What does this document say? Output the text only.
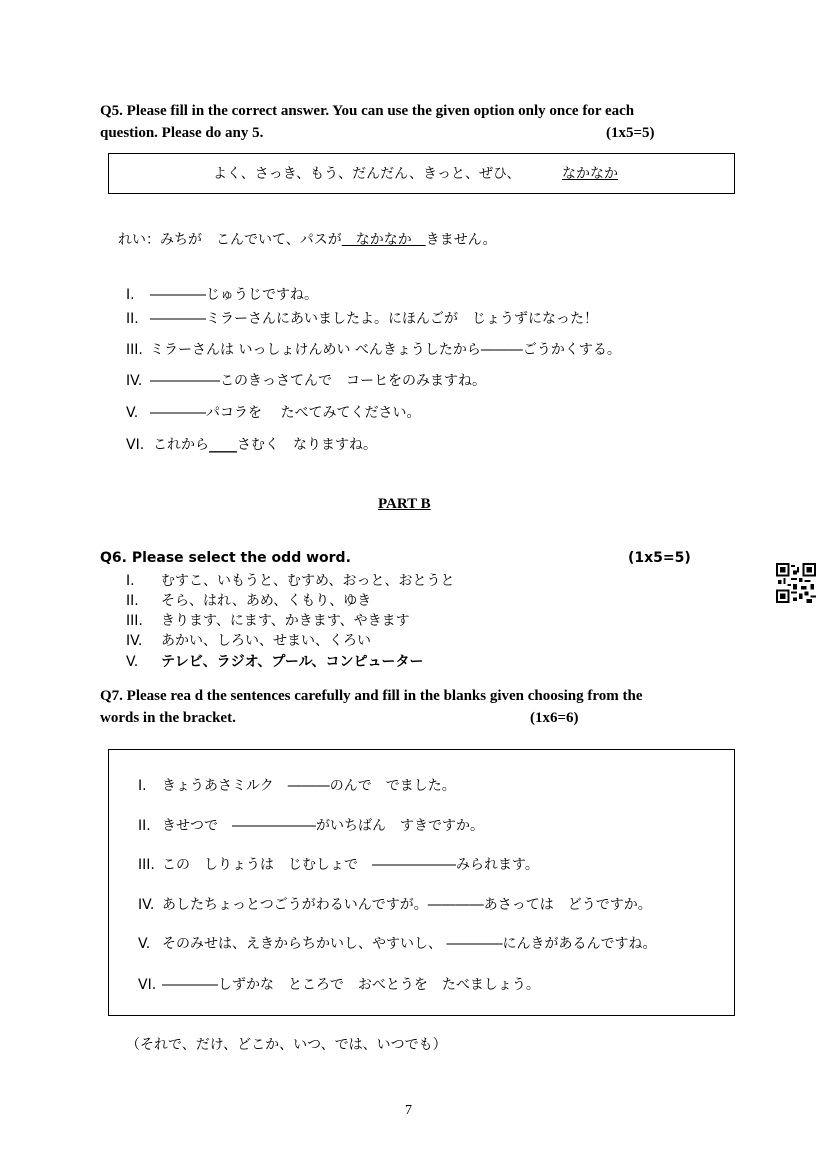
Q5. Please fill in the correct answer. You can use the given option only once for each
question. Please do any 5.	(1x5=5)
よく、さっき、もう、だんだん、きっと、ぜひ、	なかなか
れい：みちが　こんでいて、パスが　なかなか　きません。
I. ――――じゅうじですね。
II. ――――ミラーさんにあいましたよ。にほんごが　じょうずになった！
III. ミラーさんは いっしょけんめい べんきょうしたから―――ごうかくする。
IV. ―――――このきっさてんで　コーヒをのみますね。
V. ――――パコラを　 たべてみてください。
VI. これから____さむく　なりますね。
PART B
Q6. Please select the odd word.	(1x5=5)
I. むすこ、いもうと、むすめ、おっと、おとうと
II. そら、はれ、あめ、くもり、ゆき
III. きります、にます、かきます、やきます
IV. あかい、しろい、せまい、くろい
V. テレビ、ラジオ、プール、コンピューター
Q7. Please rea d the sentences carefully and fill in the blanks given choosing from the
words in the bracket.	(1x6=6)
I. きょうあさミルク　―――のんで　でました。
II. きせつで　――――――がいちばん　すきですか。
III. この　しりょうは　じむしょで　――――――みられます。
IV. あしたちょっとつごうがわるいんですが。――――あさっては　どうですか。
V. そのみせは、えきからちかいし、やすいし、 ――――にんきがあるんですね。
VI. ――――しずかな　ところで　おべとうを　たべましょう。
（それで、だけ、どこか、いつ、では、いつでも）
7
